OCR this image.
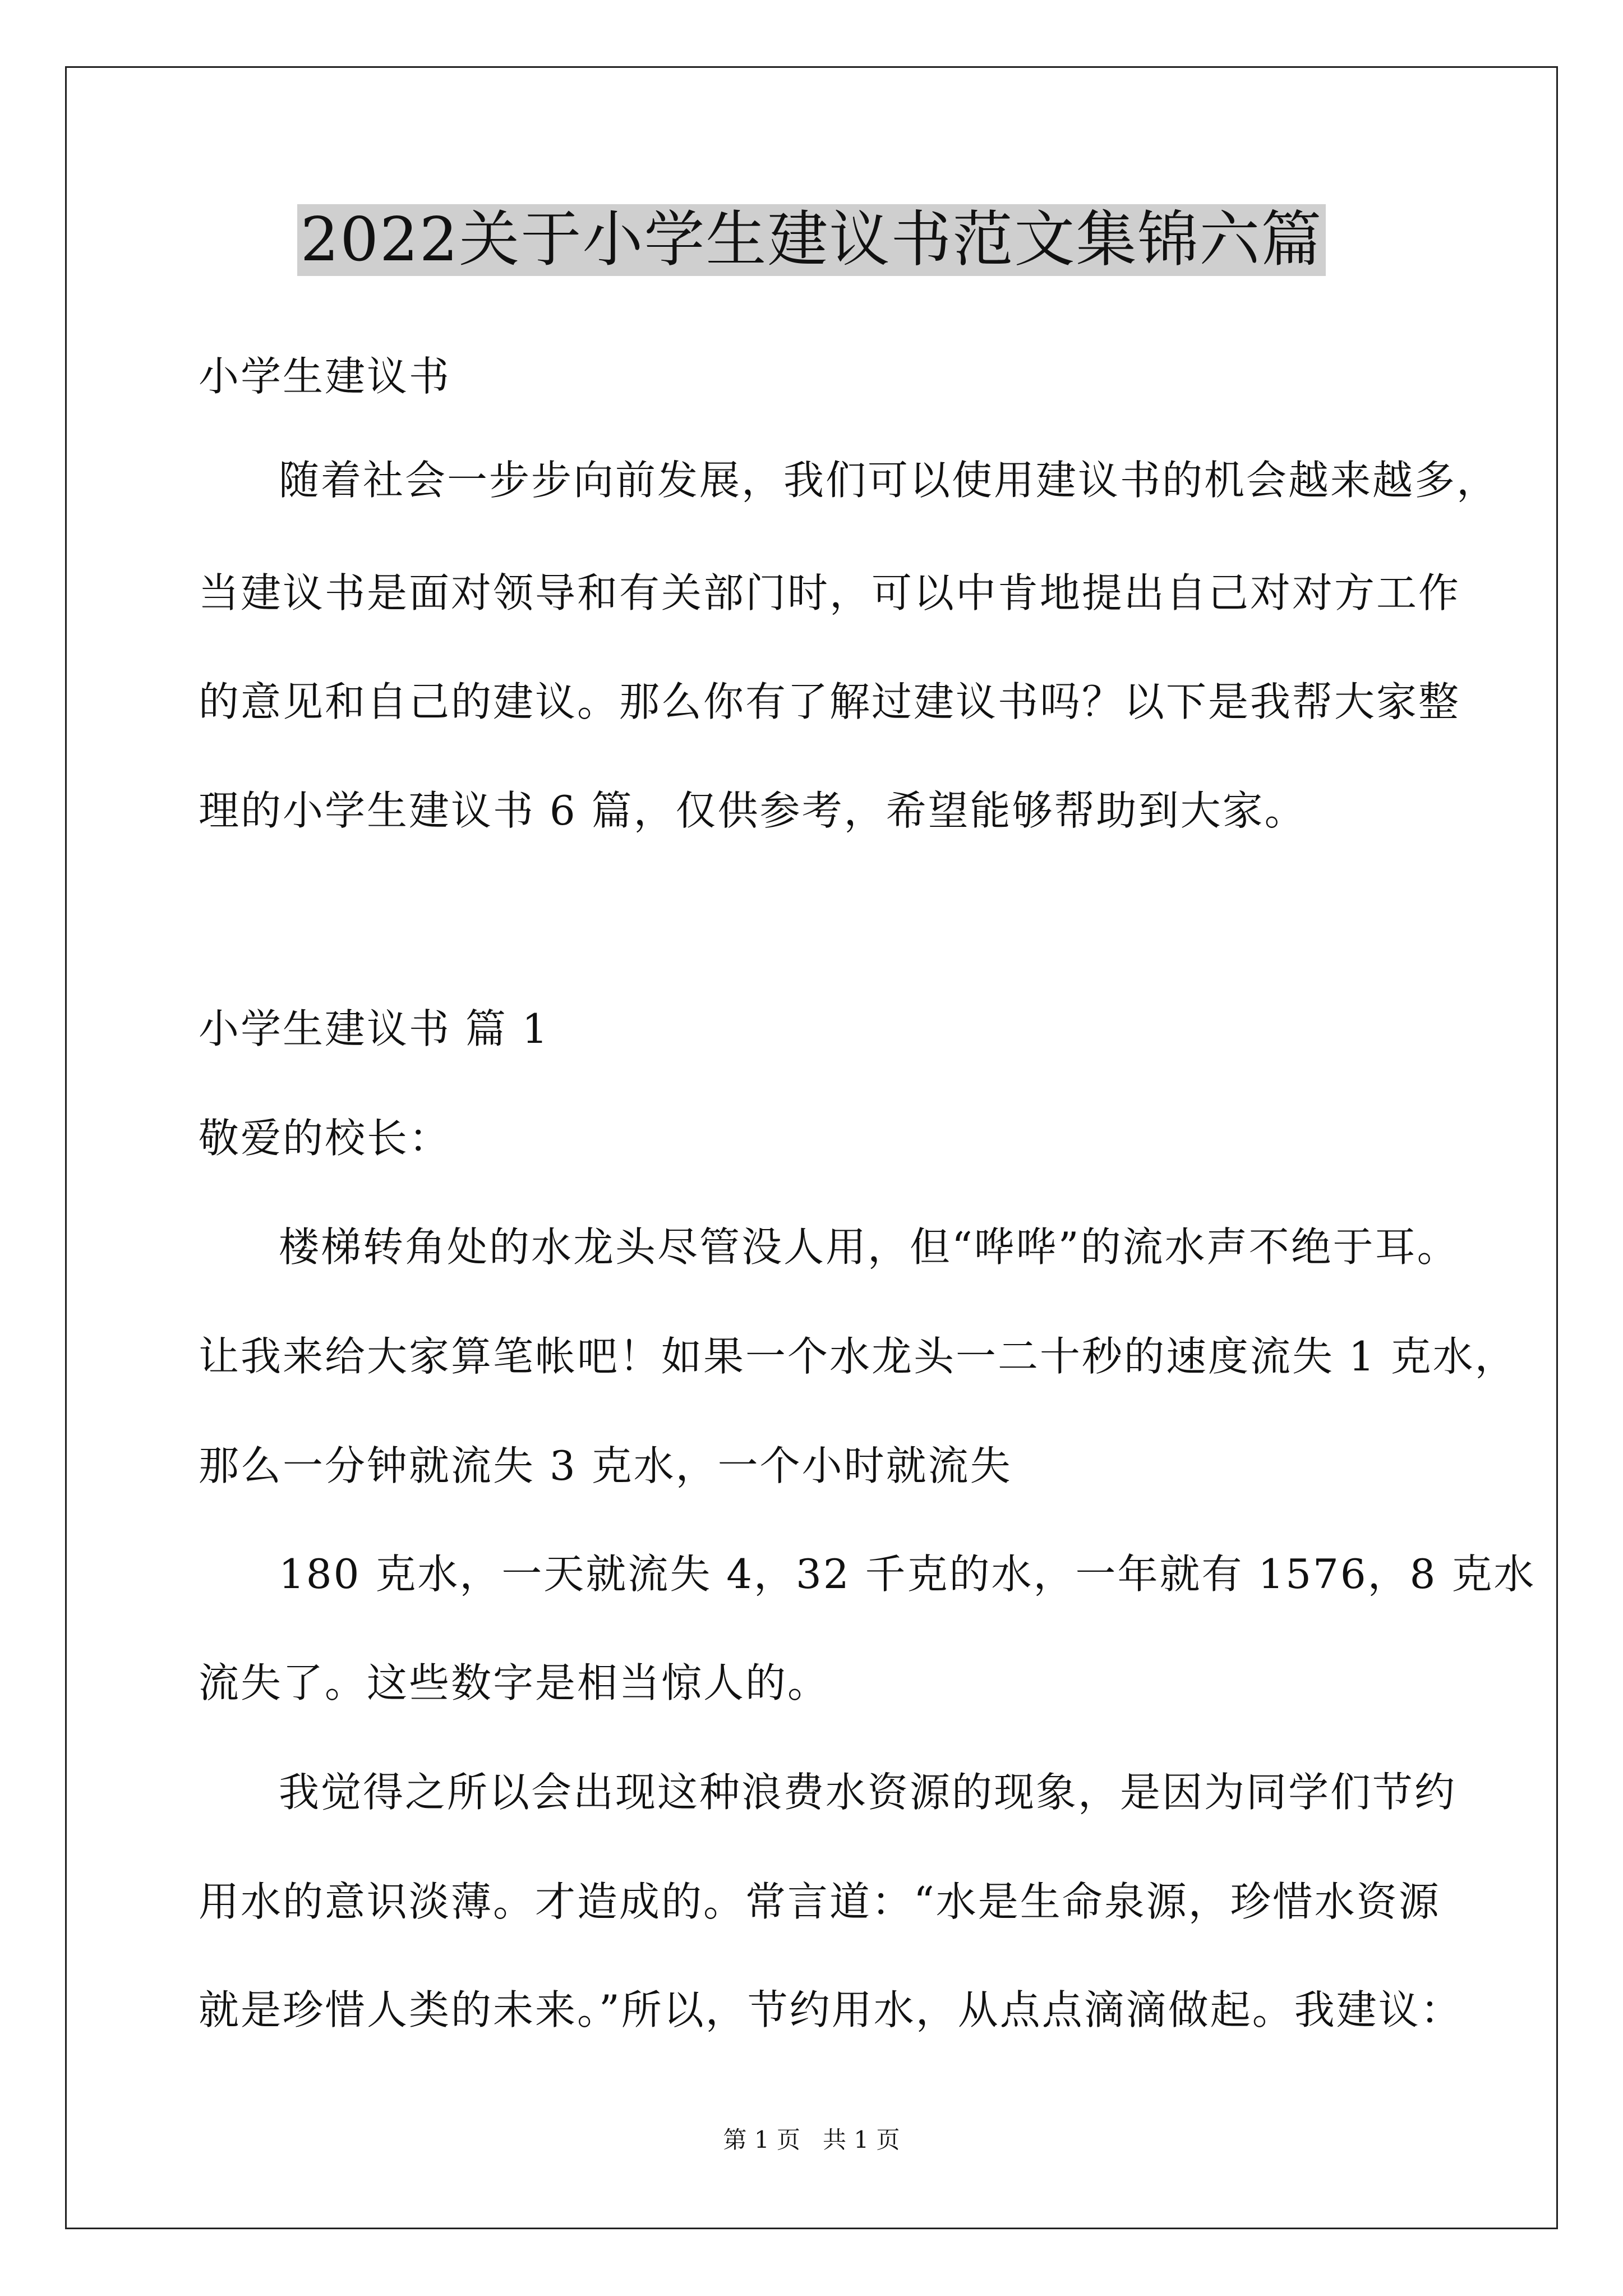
2022关于小学生建议书范文集锦六篇
小学生建议书
随着社会一步步向前发展，我们可以使用建议书的机会越来越多，
当建议书是面对领导和有关部门时，可以中肯地提出自己对对方工作
的意见和自己的建议。那么你有了解过建议书吗？以下是我帮大家整
理的小学生建议书 6 篇，仅供参考，希望能够帮助到大家。
小学生建议书 篇 1
敬爱的校长：
楼梯转角处的水龙头尽管没人用，但“哗哗”的流水声不绝于耳。
让我来给大家算笔帐吧！如果一个水龙头一二十秒的速度流失 1 克水，
那么一分钟就流失 3 克水，一个小时就流失
180 克水，一天就流失 4，32 千克的水，一年就有 1576，8 克水
流失了。这些数字是相当惊人的。
我觉得之所以会出现这种浪费水资源的现象，是因为同学们节约
用水的意识淡薄。才造成的。常言道：“水是生命泉源，珍惜水资源
就是珍惜人类的未来。”所以，节约用水，从点点滴滴做起。我建议：
第 1 页   共 1 页
